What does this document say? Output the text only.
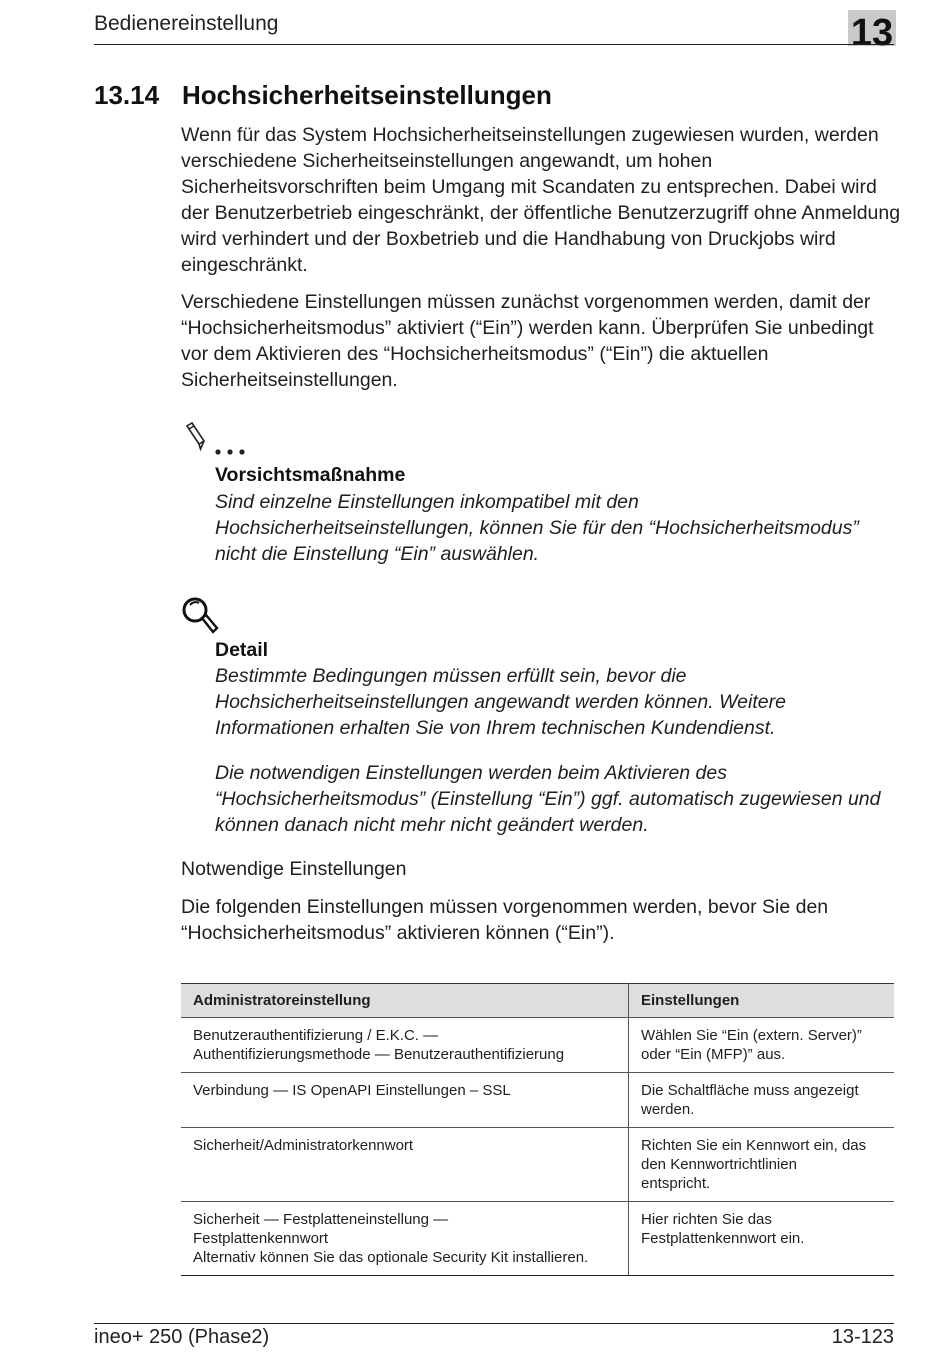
Bedienereinstellung	13
13.14 Hochsicherheitseinstellungen

Wenn für das System Hochsicherheitseinstellungen zugewiesen wurden, werden verschiedene Sicherheitseinstellungen angewandt, um hohen Sicherheitsvorschriften beim Umgang mit Scandaten zu entsprechen. Dabei wird der Benutzerbetrieb eingeschränkt, der öffentliche Benutzerzugriff ohne Anmeldung wird verhindert und der Boxbetrieb und die Handhabung von Druckjobs wird eingeschränkt.

Verschiedene Einstellungen müssen zunächst vorgenommen werden, damit der “Hochsicherheitsmodus” aktiviert (“Ein”) werden kann. Überprüfen Sie unbedingt vor dem Aktivieren des “Hochsicherheitsmodus” (“Ein”) die aktuellen Sicherheitseinstellungen.

Vorsichtsmaßnahme

Sind einzelne Einstellungen inkompatibel mit den Hochsicherheitseinstellungen, können Sie für den “Hochsicherheitsmodus” nicht die Einstellung “Ein” auswählen.

Detail

Bestimmte Bedingungen müssen erfüllt sein, bevor die Hochsicherheitseinstellungen angewandt werden können. Weitere Informationen erhalten Sie von Ihrem technischen Kundendienst.

Die notwendigen Einstellungen werden beim Aktivieren des “Hochsicherheitsmodus” (Einstellung “Ein”) ggf. automatisch zugewiesen und können danach nicht mehr nicht geändert werden.

Notwendige Einstellungen

Die folgenden Einstellungen müssen vorgenommen werden, bevor Sie den “Hochsicherheitsmodus” aktivieren können (“Ein”).

Administratoreinstellung	Einstellungen

Benutzerauthentifizierung / E.K.C. —
Authentifizierungsmethode — Benutzerauthentifizierung	Wählen Sie “Ein (extern. Server)”
oder “Ein (MFP)” aus.

Verbindung — IS OpenAPI Einstellungen – SSL	Die Schaltfläche muss angezeigt
werden.

Sicherheit/Administratorkennwort	Richten Sie ein Kennwort ein, das
den Kennwortrichtlinien
entspricht.

Sicherheit — Festplatteneinstellung —
Festplattenkennwort
Alternativ können Sie das optionale Security Kit installieren.	Hier richten Sie das
Festplattenkennwort ein.
ineo+ 250 (Phase2)	13-123
